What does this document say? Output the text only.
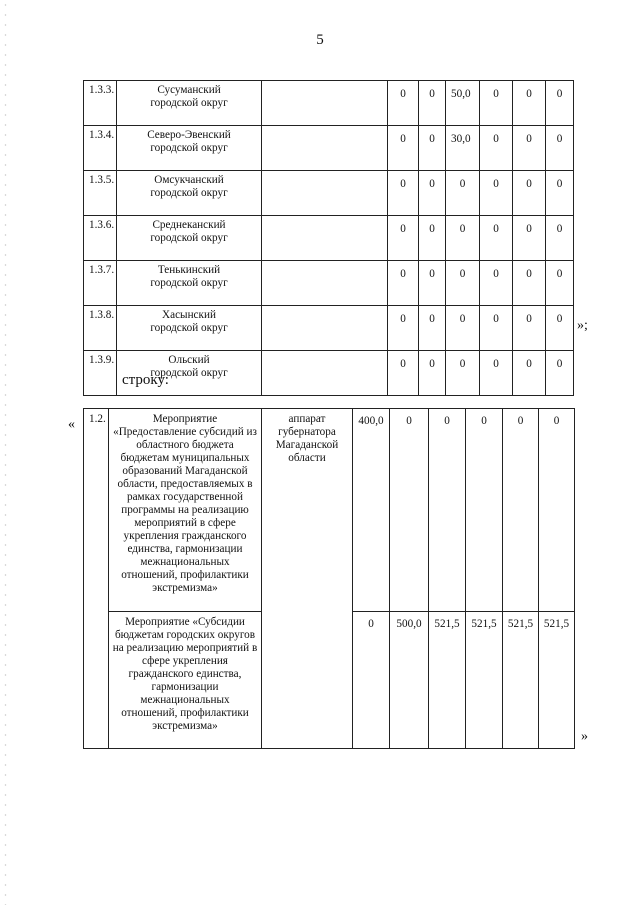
5
1.3.3.	Сусуманский
городской округ		0	0	50,0	0	0	0
1.3.4.	Северо-Эвенский
городской округ		0	0	30,0	0	0	0
1.3.5.	Омсукчанский
городской округ		0	0	0	0	0	0
1.3.6.	Среднеканский
городской округ		0	0	0	0	0	0
1.3.7.	Тенькинский
городской округ		0	0	0	0	0	0
1.3.8.	Хасынский
городской округ		0	0	0	0	0	0
1.3.9.	Ольский
городской округ		0	0	0	0	0	0
»;
строку:
« 1.2.	Мероприятие «Предоставление субсидий из областного бюджета бюджетам муниципальных образований Магаданской области, предоставляемых в рамках государственной программы на реализацию мероприятий в сфере укрепления гражданского единства, гармонизации межнациональных отношений, профилактики экстремизма»	аппарат губернатора Магаданской области	400,0	0	0	0	0	0
	Мероприятие «Субсидии бюджетам городских округов на реализацию мероприятий в сфере укрепления гражданского единства, гармонизации межнациональных отношений, профилактики экстремизма»		0	500,0	521,5	521,5	521,5	521,5
»
